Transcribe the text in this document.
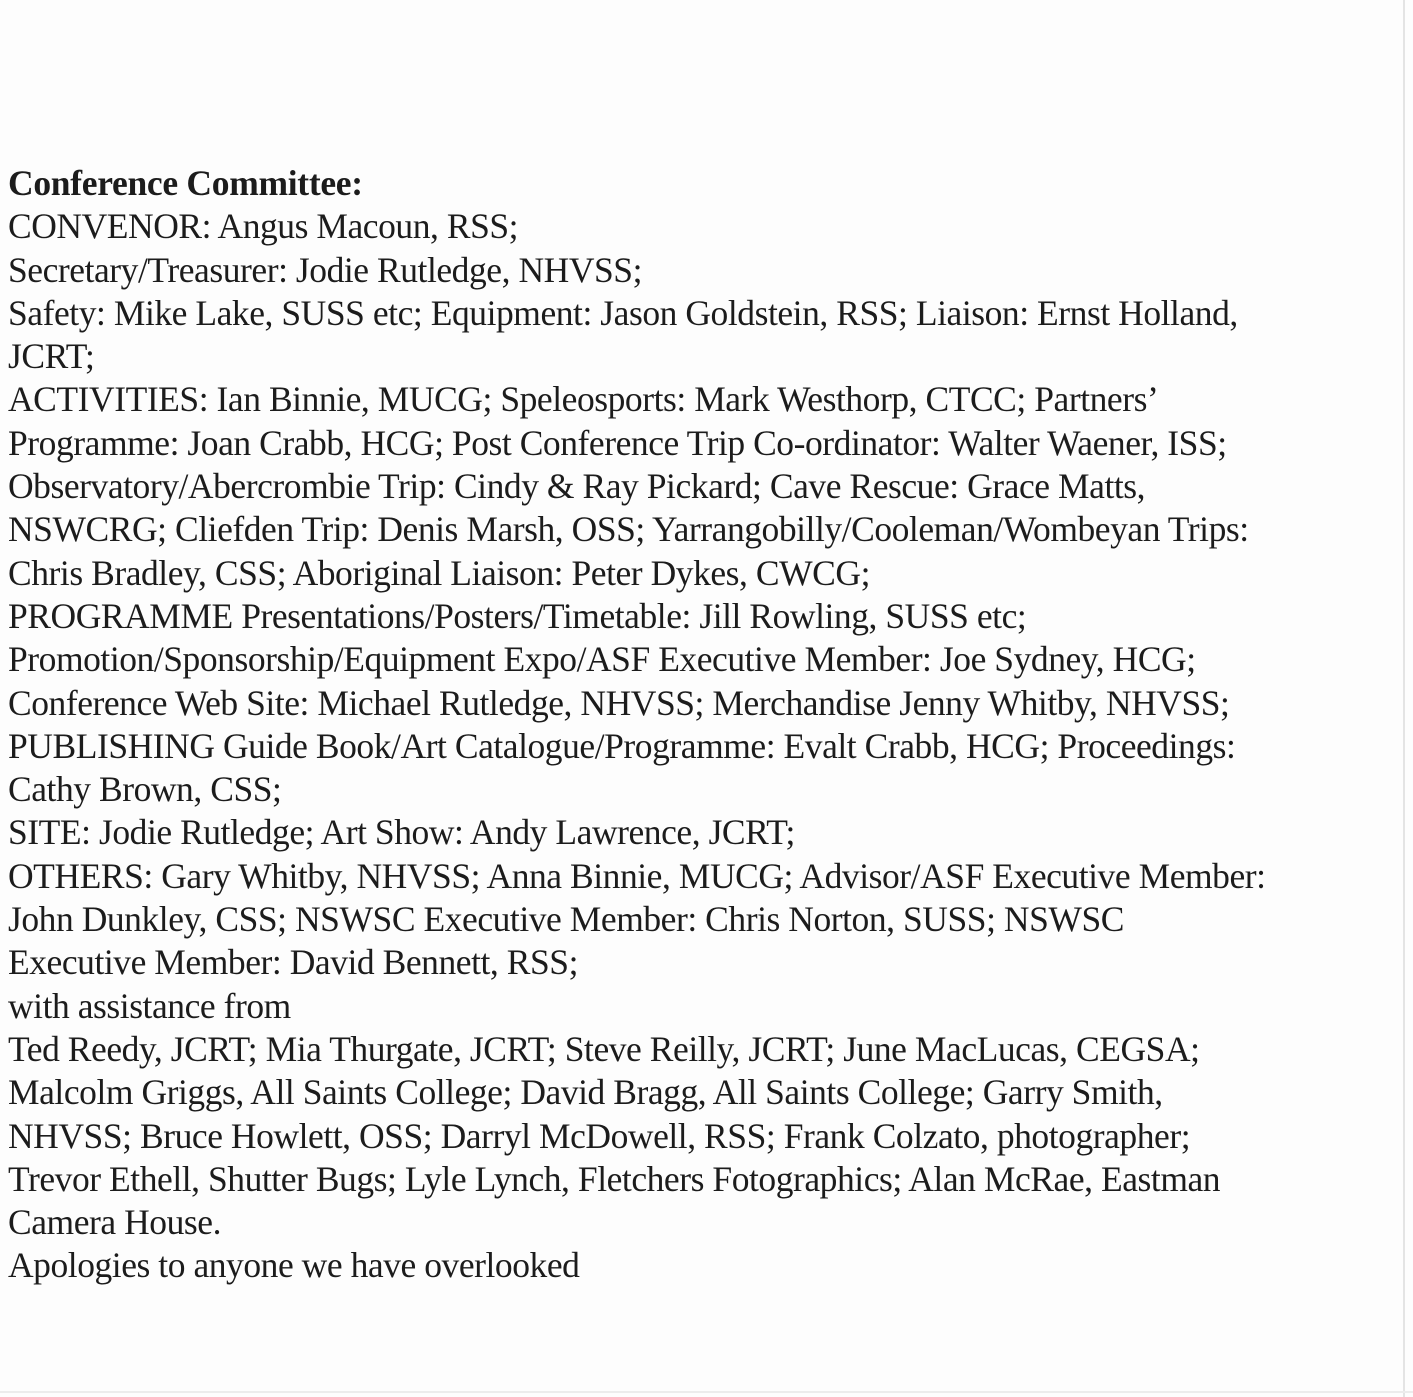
Conference Committee:
CONVENOR: Angus Macoun, RSS;
Secretary/Treasurer: Jodie Rutledge, NHVSS;
Safety: Mike Lake, SUSS etc; Equipment: Jason Goldstein, RSS; Liaison: Ernst Holland,
JCRT;
ACTIVITIES: Ian Binnie, MUCG; Speleosports: Mark Westhorp, CTCC; Partners’
Programme: Joan Crabb, HCG; Post Conference Trip Co-ordinator: Walter Waener, ISS;
Observatory/Abercrombie Trip: Cindy & Ray Pickard; Cave Rescue: Grace Matts,
NSWCRG; Cliefden Trip: Denis Marsh, OSS; Yarrangobilly/Cooleman/Wombeyan Trips:
Chris Bradley, CSS; Aboriginal Liaison: Peter Dykes, CWCG;
PROGRAMME Presentations/Posters/Timetable: Jill Rowling, SUSS etc;
Promotion/Sponsorship/Equipment Expo/ASF Executive Member: Joe Sydney, HCG;
Conference Web Site: Michael Rutledge, NHVSS; Merchandise Jenny Whitby, NHVSS;
PUBLISHING Guide Book/Art Catalogue/Programme: Evalt Crabb, HCG; Proceedings:
Cathy Brown, CSS;
SITE: Jodie Rutledge; Art Show: Andy Lawrence, JCRT;
OTHERS: Gary Whitby, NHVSS; Anna Binnie, MUCG; Advisor/ASF Executive Member:
John Dunkley, CSS; NSWSC Executive Member: Chris Norton, SUSS; NSWSC
Executive Member: David Bennett, RSS;
with assistance from
Ted Reedy, JCRT; Mia Thurgate, JCRT; Steve Reilly, JCRT; June MacLucas, CEGSA;
Malcolm Griggs, All Saints College; David Bragg, All Saints College; Garry Smith,
NHVSS; Bruce Howlett, OSS; Darryl McDowell, RSS; Frank Colzato, photographer;
Trevor Ethell, Shutter Bugs; Lyle Lynch, Fletchers Fotographics; Alan McRae, Eastman
Camera House.
Apologies to anyone we have overlooked
